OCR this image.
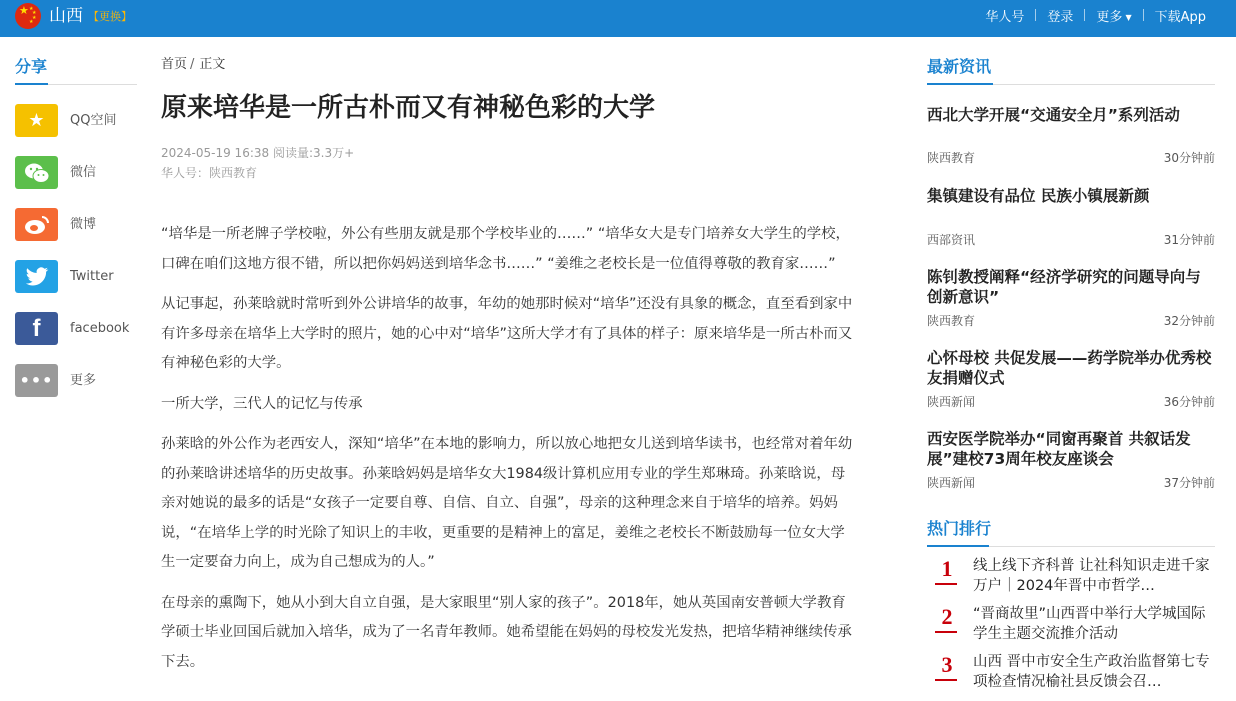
★ ★
★
★
★ 山西 【更换】	华人号 登录 更多 ▼ 下载App
分享
★	QQ空间
微信
微博
Twitter
f	facebook
•••	更多
首页 / 正文
原来培华是一所古朴而又有神秘色彩的大学
2024-05-19 16:38 阅读量:3.3万+
华人号：陕西教育

“培华是一所老牌子学校啦，外公有些朋友就是那个学校毕业的……” “培华女大是专门培养女大学生的学校，口碑在咱们这地方很不错，所以把你妈妈送到培华念书……” “姜维之老校长是一位值得尊敬的教育家……”

从记事起，孙莱晗就时常听到外公讲培华的故事，年幼的她那时候对“培华”还没有具象的概念，直至看到家中有许多母亲在培华上大学时的照片，她的心中对“培华”这所大学才有了具体的样子：原来培华是一所古朴而又有神秘色彩的大学。

一所大学，三代人的记忆与传承

孙莱晗的外公作为老西安人，深知“培华”在本地的影响力，所以放心地把女儿送到培华读书，也经常对着年幼的孙莱晗讲述培华的历史故事。孙莱晗妈妈是培华女大1984级计算机应用专业的学生郑琳琦。孙莱晗说，母亲对她说的最多的话是“女孩子一定要自尊、自信、自立、自强”，母亲的这种理念来自于培华的培养。妈妈说，“在培华上学的时光除了知识上的丰收，更重要的是精神上的富足，姜维之老校长不断鼓励每一位女大学生一定要奋力向上，成为自己想成为的人。”

在母亲的熏陶下，她从小到大自立自强，是大家眼里“别人家的孩子”。2018年，她从英国南安普顿大学教育学硕士毕业回国后就加入培华，成为了一名青年教师。她希望能在妈妈的母校发光发热，把培华精神继续传承下去。

最新资讯
西北大学开展“交通安全月”系列活动
陕西教育	30分钟前
集镇建设有品位 民族小镇展新颜
西部资讯	31分钟前
陈钊教授阐释“经济学研究的问题导向与创新意识”
陕西教育	32分钟前
心怀母校 共促发展——药学院举办优秀校友捐赠仪式
陕西新闻	36分钟前
西安医学院举办“同窗再聚首 共叙话发展”建校73周年校友座谈会
陕西新闻	37分钟前
热门排行
1	线上线下齐科普 让社科知识走进千家万户｜2024年晋中市哲学…
2	“晋商故里”山西晋中举行大学城国际学生主题交流推介活动
3	山西 晋中市安全生产政治监督第七专项检查情况榆社县反馈会召…
